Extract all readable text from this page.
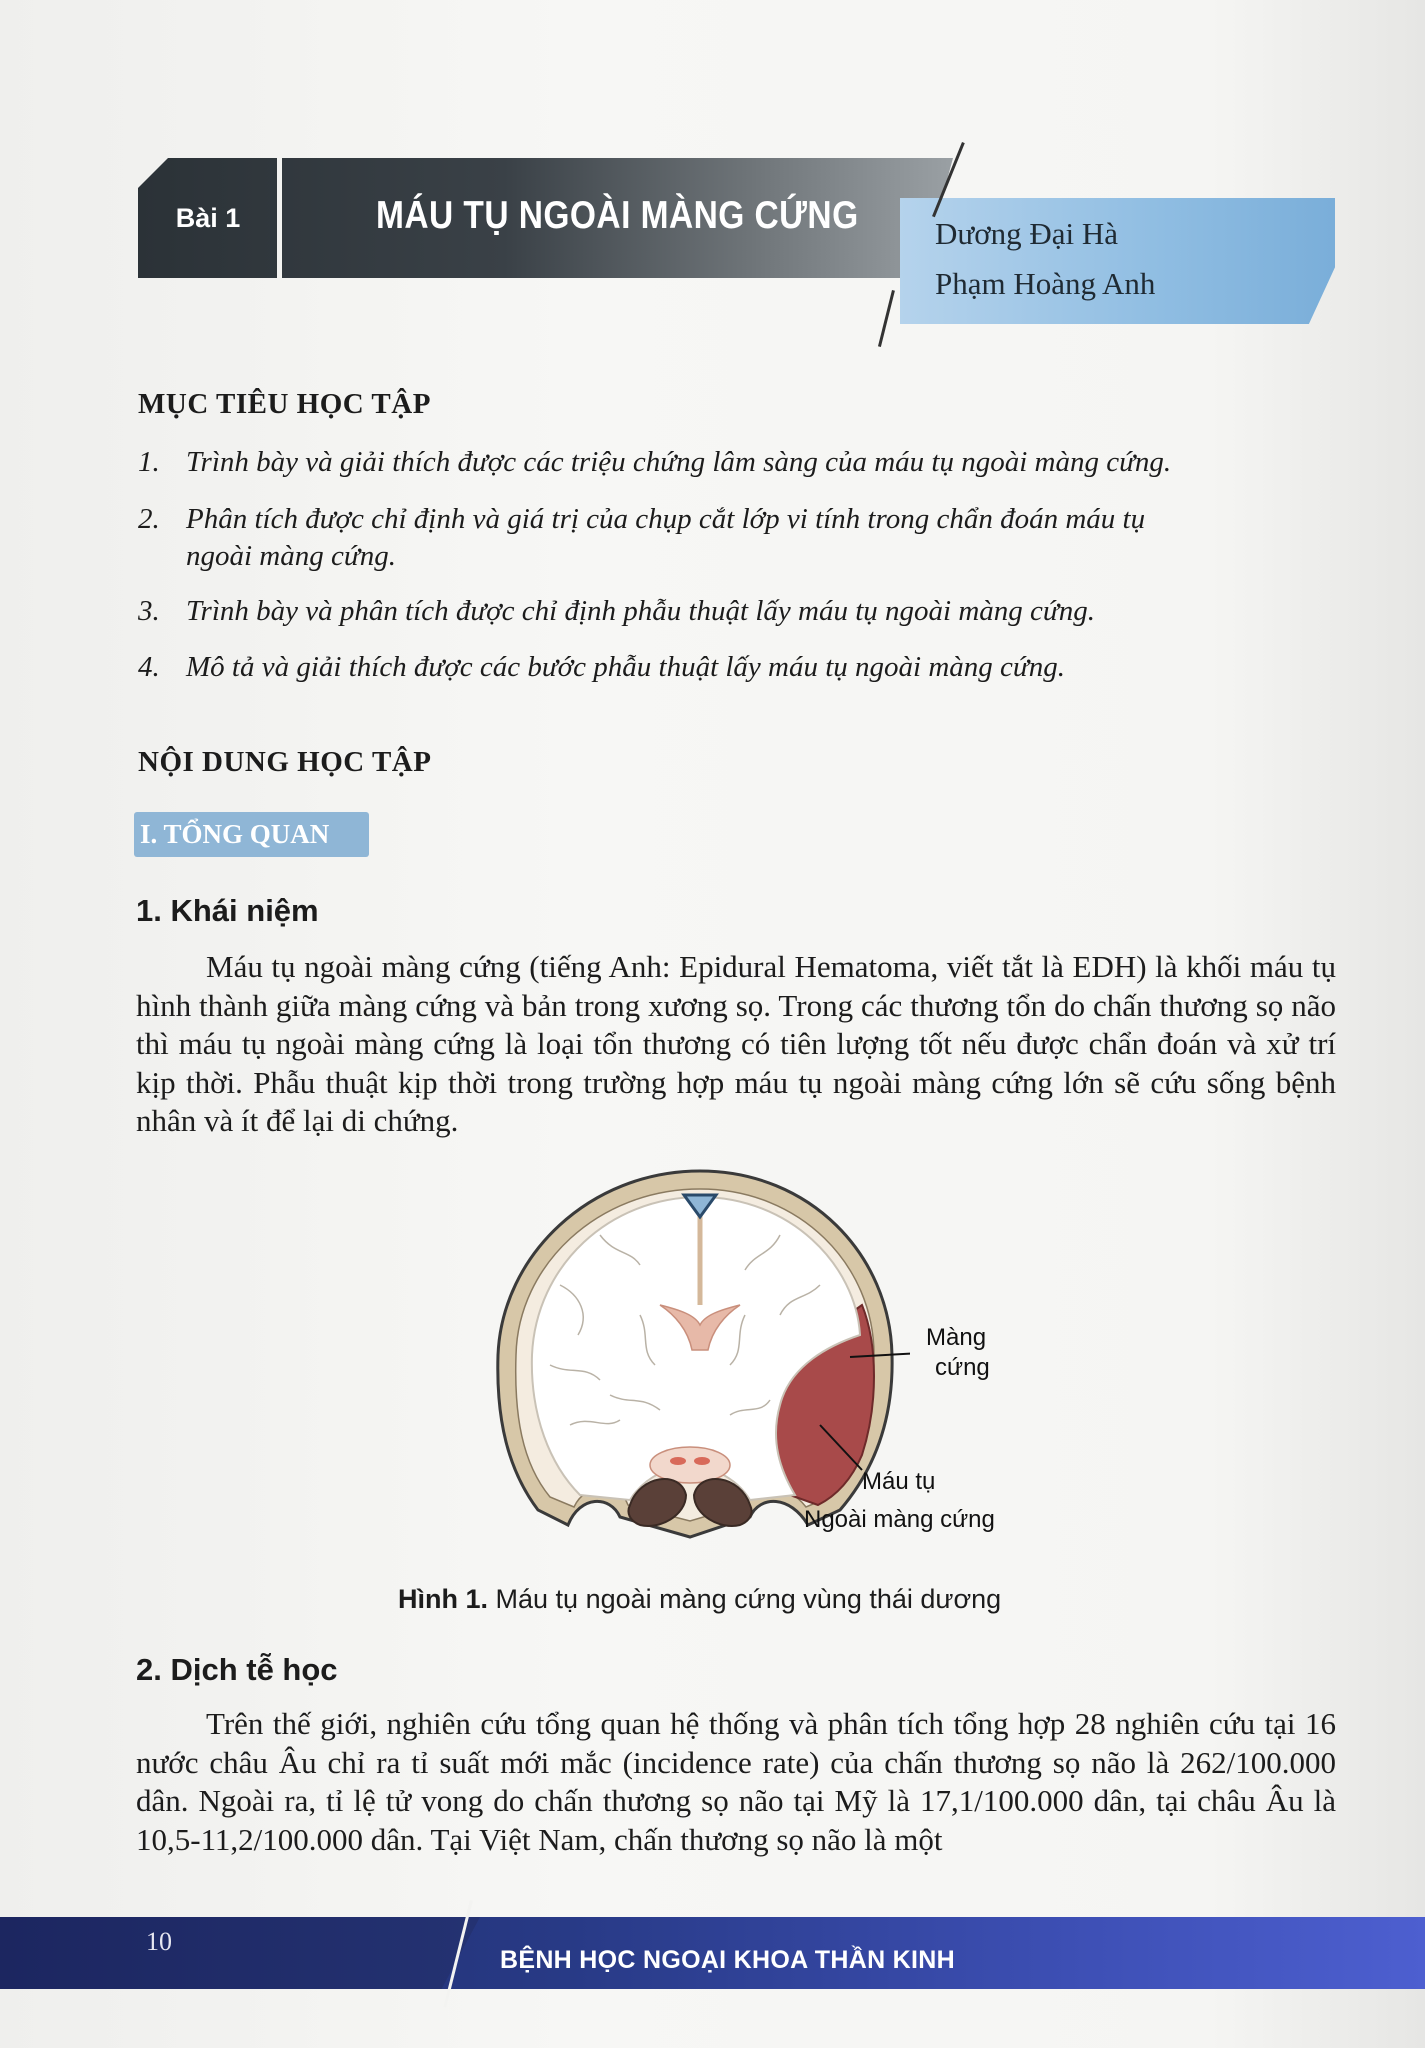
Bài 1	MÁU TỤ NGOÀI MÀNG CỨNG Dương Đại Hà
Phạm Hoàng Anh
MỤC TIÊU HỌC TẬP
1. Trình bày và giải thích được các triệu chứng lâm sàng của máu tụ ngoài màng cứng.
2. Phân tích được chỉ định và giá trị của chụp cắt lớp vi tính trong chẩn đoán máu tụ
ngoài màng cứng.
3. Trình bày và phân tích được chỉ định phẫu thuật lấy máu tụ ngoài màng cứng.
4. Mô tả và giải thích được các bước phẫu thuật lấy máu tụ ngoài màng cứng.
NỘI DUNG HỌC TẬP
I. TỔNG QUAN
1. Khái niệm
Máu tụ ngoài màng cứng (tiếng Anh: Epidural Hematoma, viết tắt là EDH) là khối máu tụ hình thành giữa màng cứng và bản trong xương sọ. Trong các thương tổn do chấn thương sọ não thì máu tụ ngoài màng cứng là loại tổn thương có tiên lượng tốt nếu được chẩn đoán và xử trí kịp thời. Phẫu thuật kịp thời trong trường hợp máu tụ ngoài màng cứng lớn sẽ cứu sống bệnh nhân và ít để lại di chứng.
Màng
cứng
Máu tụ
Ngoài màng cứng
Hình 1. Máu tụ ngoài màng cứng vùng thái dương
2. Dịch tễ học
Trên thế giới, nghiên cứu tổng quan hệ thống và phân tích tổng hợp 28 nghiên cứu tại 16 nước châu Âu chỉ ra tỉ suất mới mắc (incidence rate) của chấn thương sọ não là 262/100.000 dân. Ngoài ra, tỉ lệ tử vong do chấn thương sọ não tại Mỹ là 17,1/100.000 dân, tại châu Âu là 10,5-11,2/100.000 dân. Tại Việt Nam, chấn thương sọ não là một
10
BỆNH HỌC NGOẠI KHOA THẦN KINH
